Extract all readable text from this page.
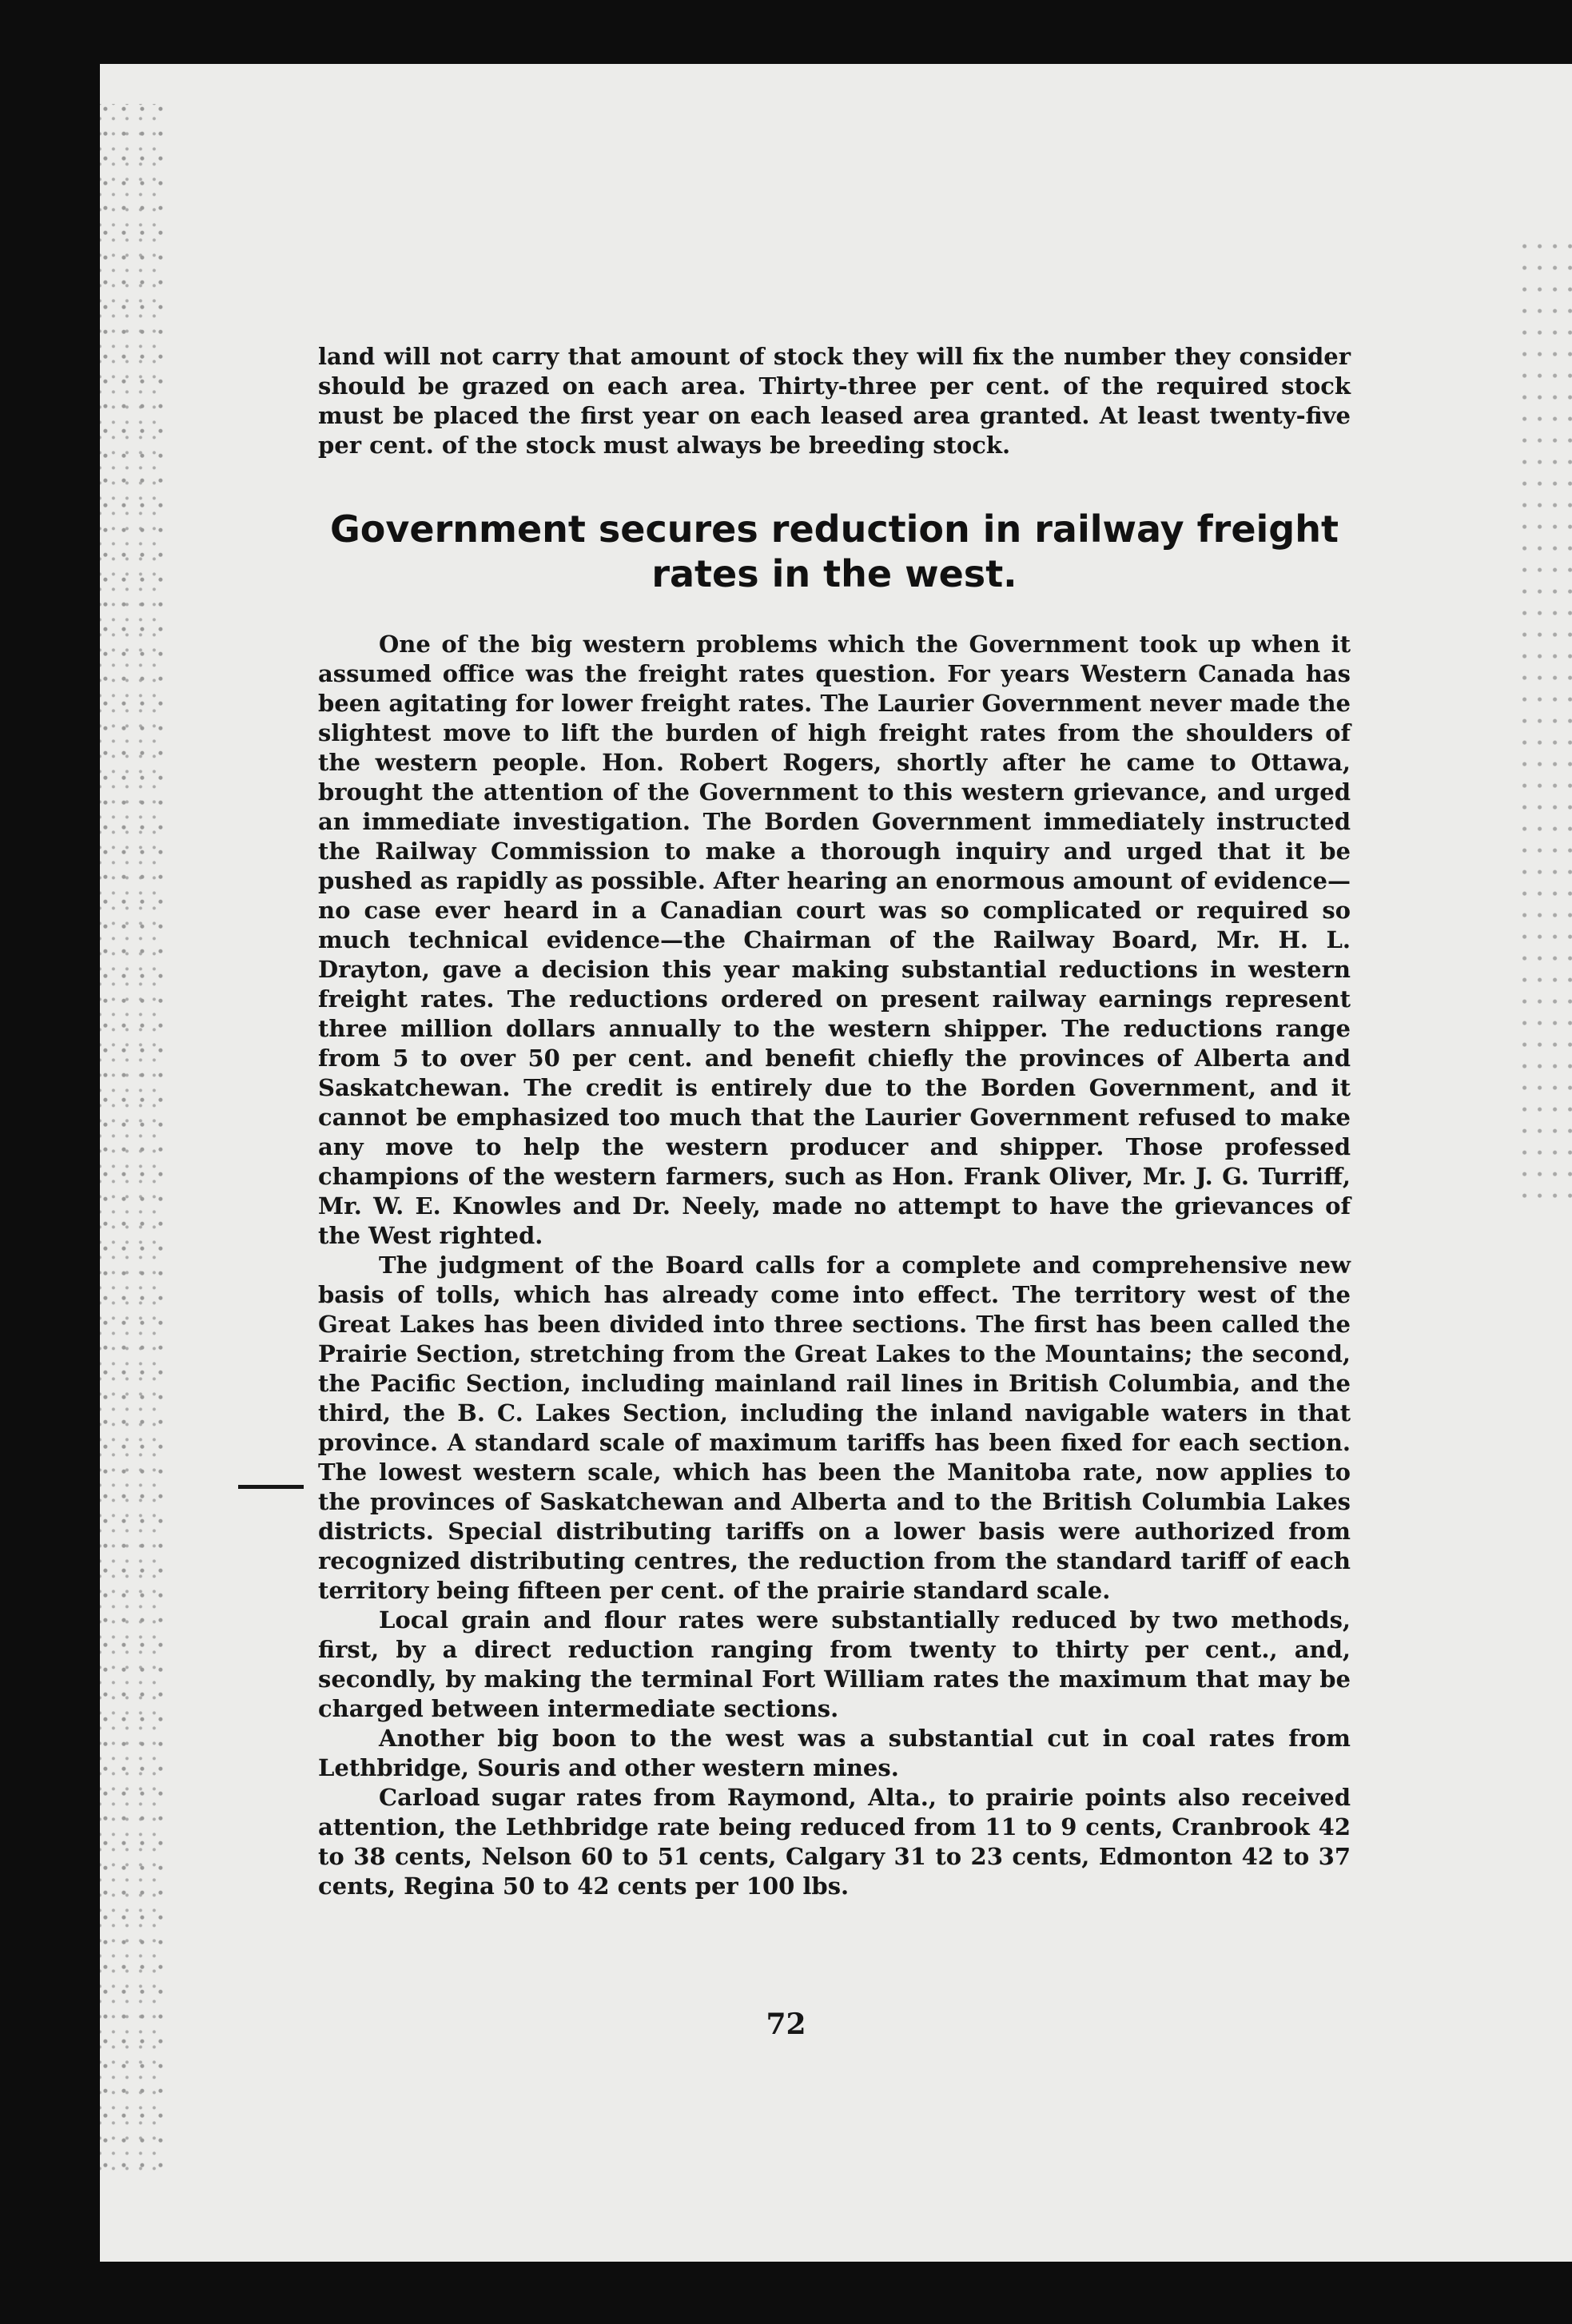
land will not carry that amount of stock they will fix the number they consider should be grazed on each area. Thirty-three per cent. of the required stock must be placed the first year on each leased area granted. At least twenty-five per cent. of the stock must always be breeding stock.

Government secures reduction in railway freight rates in the west.

One of the big western problems which the Government took up when it assumed office was the freight rates question. For years Western Canada has been agitating for lower freight rates. The Laurier Government never made the slightest move to lift the burden of high freight rates from the shoulders of the western people. Hon. Robert Rogers, shortly after he came to Ottawa, brought the attention of the Government to this western grievance, and urged an immediate investigation. The Borden Government immediately instructed the Railway Commission to make a thorough inquiry and urged that it be pushed as rapidly as possible. After hearing an enormous amount of evidence—no case ever heard in a Canadian court was so complicated or required so much technical evidence—the Chairman of the Railway Board, Mr. H. L. Drayton, gave a decision this year making substantial reductions in western freight rates. The reductions ordered on present railway earnings represent three million dollars annually to the western shipper. The reductions range from 5 to over 50 per cent. and benefit chiefly the provinces of Alberta and Saskatchewan. The credit is entirely due to the Borden Government, and it cannot be emphasized too much that the Laurier Government refused to make any move to help the western producer and shipper. Those professed champions of the western farmers, such as Hon. Frank Oliver, Mr. J. G. Turriff, Mr. W. E. Knowles and Dr. Neely, made no attempt to have the grievances of the West righted.

The judgment of the Board calls for a complete and comprehensive new basis of tolls, which has already come into effect. The territory west of the Great Lakes has been divided into three sections. The first has been called the Prairie Section, stretching from the Great Lakes to the Mountains; the second, the Pacific Section, including mainland rail lines in British Columbia, and the third, the B. C. Lakes Section, including the inland navigable waters in that province. A standard scale of maximum tariffs has been fixed for each section. The lowest western scale, which has been the Manitoba rate, now applies to the provinces of Saskatchewan and Alberta and to the British Columbia Lakes districts. Special distributing tariffs on a lower basis were authorized from recognized distributing centres, the reduction from the standard tariff of each territory being fifteen per cent. of the prairie standard scale.

Local grain and flour rates were substantially reduced by two methods, first, by a direct reduction ranging from twenty to thirty per cent., and, secondly, by making the terminal Fort William rates the maximum that may be charged between intermediate sections.

Another big boon to the west was a substantial cut in coal rates from Lethbridge, Souris and other western mines.

Carload sugar rates from Raymond, Alta., to prairie points also received attention, the Lethbridge rate being reduced from 11 to 9 cents, Cranbrook 42 to 38 cents, Nelson 60 to 51 cents, Calgary 31 to 23 cents, Edmonton 42 to 37 cents, Regina 50 to 42 cents per 100 lbs.

72
